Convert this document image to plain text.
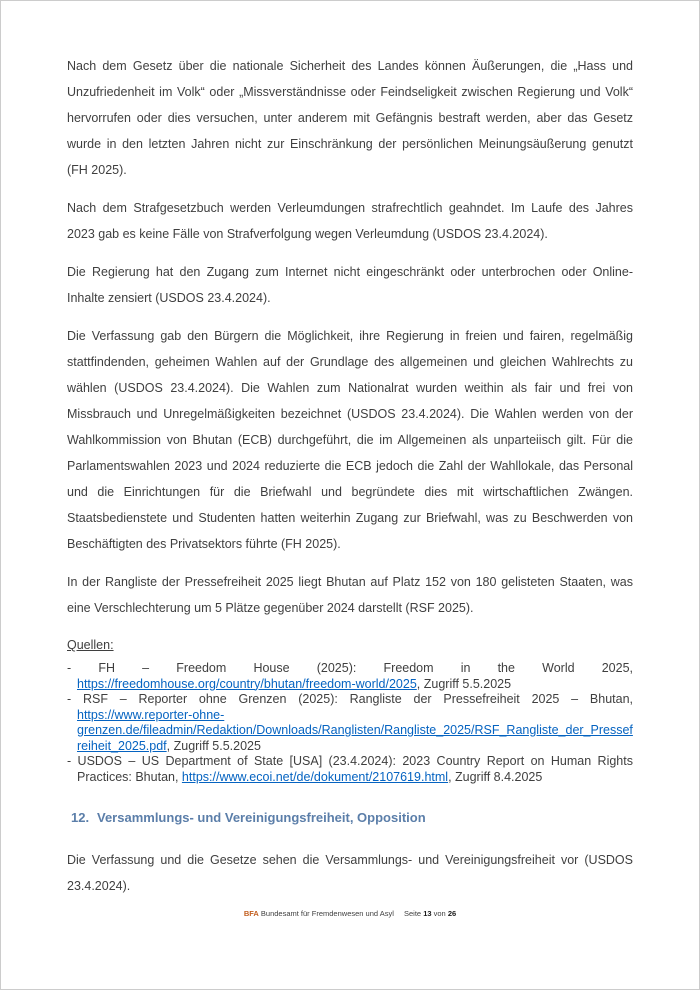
Nach dem Gesetz über die nationale Sicherheit des Landes können Äußerungen, die „Hass und Unzufriedenheit im Volk“ oder „Missverständnisse oder Feindseligkeit zwischen Regierung und Volk“ hervorrufen oder dies versuchen, unter anderem mit Gefängnis bestraft werden, aber das Gesetz wurde in den letzten Jahren nicht zur Einschränkung der persönlichen Meinungsäußerung genutzt (FH 2025).

Nach dem Strafgesetzbuch werden Verleumdungen strafrechtlich geahndet. Im Laufe des Jahres 2023 gab es keine Fälle von Strafverfolgung wegen Verleumdung (USDOS 23.4.2024).

Die Regierung hat den Zugang zum Internet nicht eingeschränkt oder unterbrochen oder Online-Inhalte zensiert (USDOS 23.4.2024).

Die Verfassung gab den Bürgern die Möglichkeit, ihre Regierung in freien und fairen, regelmäßig stattfindenden, geheimen Wahlen auf der Grundlage des allgemeinen und gleichen Wahlrechts zu wählen (USDOS 23.4.2024). Die Wahlen zum Nationalrat wurden weithin als fair und frei von Missbrauch und Unregelmäßigkeiten bezeichnet (USDOS 23.4.2024). Die Wahlen werden von der Wahlkommission von Bhutan (ECB) durchgeführt, die im Allgemeinen als unparteiisch gilt. Für die Parlamentswahlen 2023 und 2024 reduzierte die ECB jedoch die Zahl der Wahllokale, das Personal und die Einrichtungen für die Briefwahl und begründete dies mit wirtschaftlichen Zwängen. Staatsbedienstete und Studenten hatten weiterhin Zugang zur Briefwahl, was zu Beschwerden von Beschäftigten des Privatsektors führte (FH 2025).

In der Rangliste der Pressefreiheit 2025 liegt Bhutan auf Platz 152 von 180 gelisteten Staaten, was eine Verschlechterung um 5 Plätze gegenüber 2024 darstellt (RSF 2025).

Quellen:

- FH – Freedom House (2025): Freedom in the World 2025, https://freedomhouse.org/country/bhutan/freedom-world/2025, Zugriff 5.5.2025
- RSF – Reporter ohne Grenzen (2025): Rangliste der Pressefreiheit 2025 – Bhutan, https://www.reporter-ohne-grenzen.de/fileadmin/Redaktion/Downloads/Ranglisten/Rangliste_2025/RSF_Rangliste_der_Pressefreiheit_2025.pdf, Zugriff 5.5.2025
- USDOS – US Department of State [USA] (23.4.2024): 2023 Country Report on Human Rights Practices: Bhutan, https://www.ecoi.net/de/dokument/2107619.html, Zugriff 8.4.2025
12. Versammlungs- und Vereinigungsfreiheit, Opposition

Die Verfassung und die Gesetze sehen die Versammlungs- und Vereinigungsfreiheit vor (USDOS 23.4.2024).

BFA Bundesamt für Fremdenwesen und Asyl Seite 13 von 26
